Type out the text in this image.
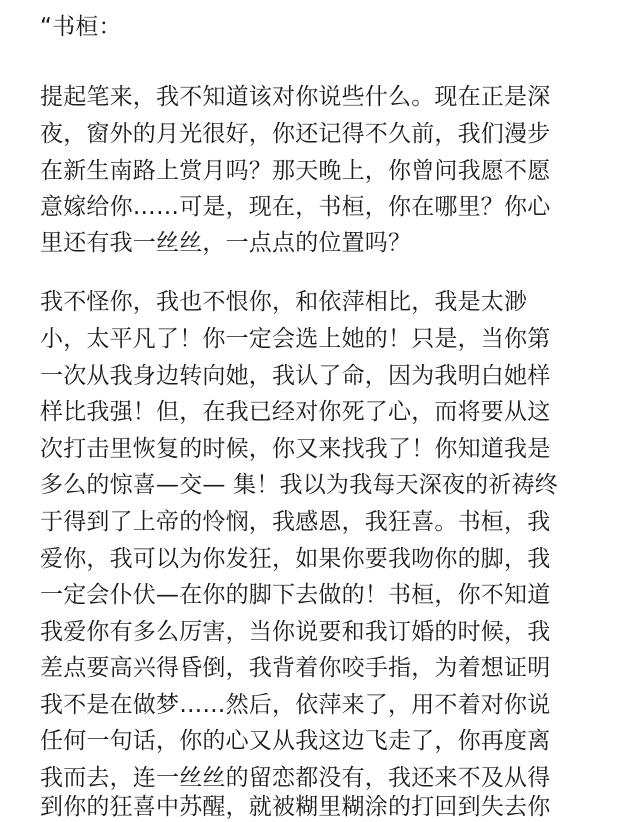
“书桓：
提起笔来，我不知道该对你说些什么。现在正是深
夜，窗外的月光很好，你还记得不久前，我们漫步
在新生南路上赏月吗？那天晚上，你曾问我愿不愿
意嫁给你……可是，现在，书桓，你在哪里？你心
里还有我一丝丝，一点点的位置吗？
我不怪你，我也不恨你，和依萍相比，我是太渺
小，太平凡了！你一定会选上她的！只是，当你第
一次从我身边转向她，我认了命，因为我明白她样
样比我强！但，在我已经对你死了心，而将要从这
次打击里恢复的时候，你又来找我了！你知道我是
多么的惊喜—交— 集！我以为我每天深夜的祈祷终
于得到了上帝的怜悯，我感恩，我狂喜。书桓，我
爱你，我可以为你发狂，如果你要我吻你的脚，我
一定会仆伏—在你的脚下去做的！书桓，你不知道
我爱你有多么厉害，当你说要和我订婚的时候，我
差点要高兴得昏倒，我背着你咬手指，为着想证明
我不是在做梦……然后，依萍来了，用不着对你说
任何一句话，你的心又从我这边飞走了，你再度离
我而去，连一丝丝的留恋都没有，我还来不及从得
到你的狂喜中苏醒，就被糊里糊涂的打回到失去你
